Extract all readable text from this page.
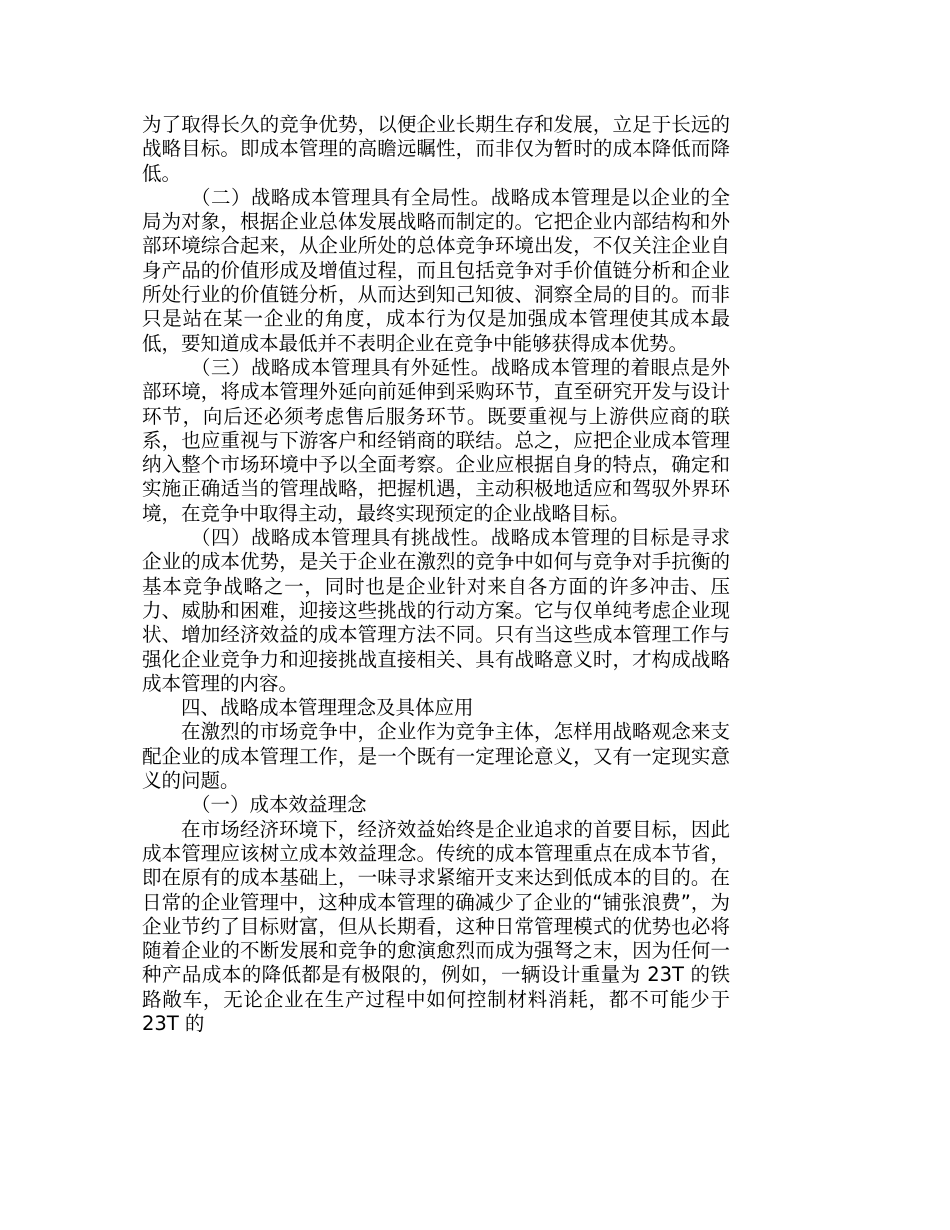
为了取得长久的竞争优势，以便企业长期生存和发展，立足于长远的战略目标。即成本管理的高瞻远瞩性，而非仅为暂时的成本降低而降低。

（二）战略成本管理具有全局性。战略成本管理是以企业的全局为对象，根据企业总体发展战略而制定的。它把企业内部结构和外部环境综合起来，从企业所处的总体竞争环境出发，不仅关注企业自身产品的价值形成及增值过程，而且包括竞争对手价值链分析和企业所处行业的价值链分析，从而达到知己知彼、洞察全局的目的。而非只是站在某一企业的角度，成本行为仅是加强成本管理使其成本最低，要知道成本最低并不表明企业在竞争中能够获得成本优势。

（三）战略成本管理具有外延性。战略成本管理的着眼点是外部环境，将成本管理外延向前延伸到采购环节，直至研究开发与设计环节，向后还必须考虑售后服务环节。既要重视与上游供应商的联系，也应重视与下游客户和经销商的联结。总之，应把企业成本管理纳入整个市场环境中予以全面考察。企业应根据自身的特点，确定和实施正确适当的管理战略，把握机遇，主动积极地适应和驾驭外界环境，在竞争中取得主动，最终实现预定的企业战略目标。

（四）战略成本管理具有挑战性。战略成本管理的目标是寻求企业的成本优势，是关于企业在激烈的竞争中如何与竞争对手抗衡的基本竞争战略之一，同时也是企业针对来自各方面的许多冲击、压力、威胁和困难，迎接这些挑战的行动方案。它与仅单纯考虑企业现状、增加经济效益的成本管理方法不同。只有当这些成本管理工作与强化企业竞争力和迎接挑战直接相关、具有战略意义时，才构成战略成本管理的内容。

四、战略成本管理理念及具体应用

在激烈的市场竞争中，企业作为竞争主体，怎样用战略观念来支配企业的成本管理工作，是一个既有一定理论意义，又有一定现实意义的问题。

（一）成本效益理念

在市场经济环境下，经济效益始终是企业追求的首要目标，因此成本管理应该树立成本效益理念。传统的成本管理重点在成本节省，即在原有的成本基础上，一味寻求紧缩开支来达到低成本的目的。在日常的企业管理中，这种成本管理的确减少了企业的“铺张浪费”，为企业节约了目标财富，但从长期看，这种日常管理模式的优势也必将随着企业的不断发展和竞争的愈演愈烈而成为强弩之末，因为任何一种产品成本的降低都是有极限的，例如，一辆设计重量为 23T 的铁路敞车，无论企业在生产过程中如何控制材料消耗，都不可能少于 23T 的
